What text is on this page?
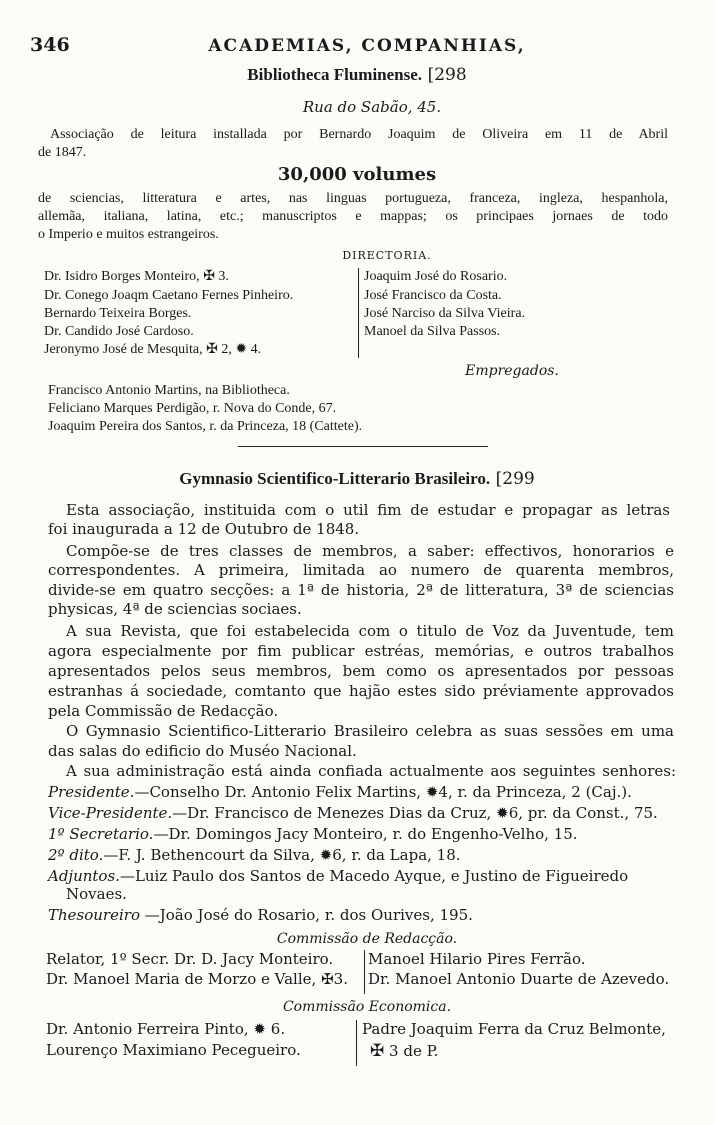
346	ACADEMIAS, COMPANHIAS,
Bibliotheca Fluminense. [298
Rua do Sabão, 45.
Associação de leitura installada por Bernardo Joaquim de Oliveira em 11 de Abril
de 1847.
30,000 volumes
de sciencias, litteratura e artes, nas linguas portugueza, franceza, ingleza, hespanhola,
allemãa, italiana, latina, etc.; manuscriptos e mappas; os principaes jornaes de todo
o Imperio e muitos estrangeiros.
DIRECTORIA.
Dr. Isidro Borges Monteiro, ✠ 3.
Dr. Conego Joaqm Caetano Fernes Pinheiro.
Bernardo Teixeira Borges.
Dr. Candido José Cardoso.
Jeronymo José de Mesquita, ✠ 2, ✹ 4.
Joaquim José do Rosario.
José Francisco da Costa.
José Narciso da Silva Vieira.
Manoel da Silva Passos.
Empregados.
Francisco Antonio Martins, na Bibliotheca.
Feliciano Marques Perdigão, r. Nova do Conde, 67.
Joaquim Pereira dos Santos, r. da Princeza, 18 (Cattete).
Gymnasio Scientifico-Litterario Brasileiro. [299
Esta associação, instituida com o util fim de estudar e propagar as letras
foi inaugurada a 12 de Outubro de 1848.
Compõe-se de tres classes de membros, a saber: effectivos, honorarios e
correspondentes. A primeira, limitada ao numero de quarenta membros,
divide-se em quatro secções: a 1ª de historia, 2ª de litteratura, 3ª de sciencias
physicas, 4ª de sciencias sociaes.
A sua Revista, que foi estabelecida com o titulo de Voz da Juventude, tem
agora especialmente por fim publicar estréas, memórias, e outros trabalhos
apresentados pelos seus membros, bem como os apresentados por pessoas
estranhas á sociedade, comtanto que hajão estes sido préviamente approvados
pela Commissão de Redacção.
O Gymnasio Scientifico-Litterario Brasileiro celebra as suas sessões em uma
das salas do edificio do Muséo Nacional.
A sua administração está ainda confiada actualmente aos seguintes senhores:
Presidente.—Conselho Dr. Antonio Felix Martins, ✹4, r. da Princeza, 2 (Caj.).
Vice-Presidente.—Dr. Francisco de Menezes Dias da Cruz, ✹6, pr. da Const., 75.
1º Secretario.—Dr. Domingos Jacy Monteiro, r. do Engenho-Velho, 15.
2º dito.—F. J. Bethencourt da Silva, ✹6, r. da Lapa, 18.
Adjuntos.—Luiz Paulo dos Santos de Macedo Ayque, e Justino de Figueiredo
Novaes.
Thesoureiro —João José do Rosario, r. dos Ourives, 195.
Commissão de Redacção.
Relator, 1º Secr. Dr. D. Jacy Monteiro.
Dr. Manoel Maria de Morzo e Valle, ✠3.
Manoel Hilario Pires Ferrão.
Dr. Manoel Antonio Duarte de Azevedo.
Commissão Economica.
Dr. Antonio Ferreira Pinto, ✹ 6.
Lourenço Maximiano Pecegueiro.
Padre Joaquim Ferra da Cruz Belmonte,
✠ 3 de P.
